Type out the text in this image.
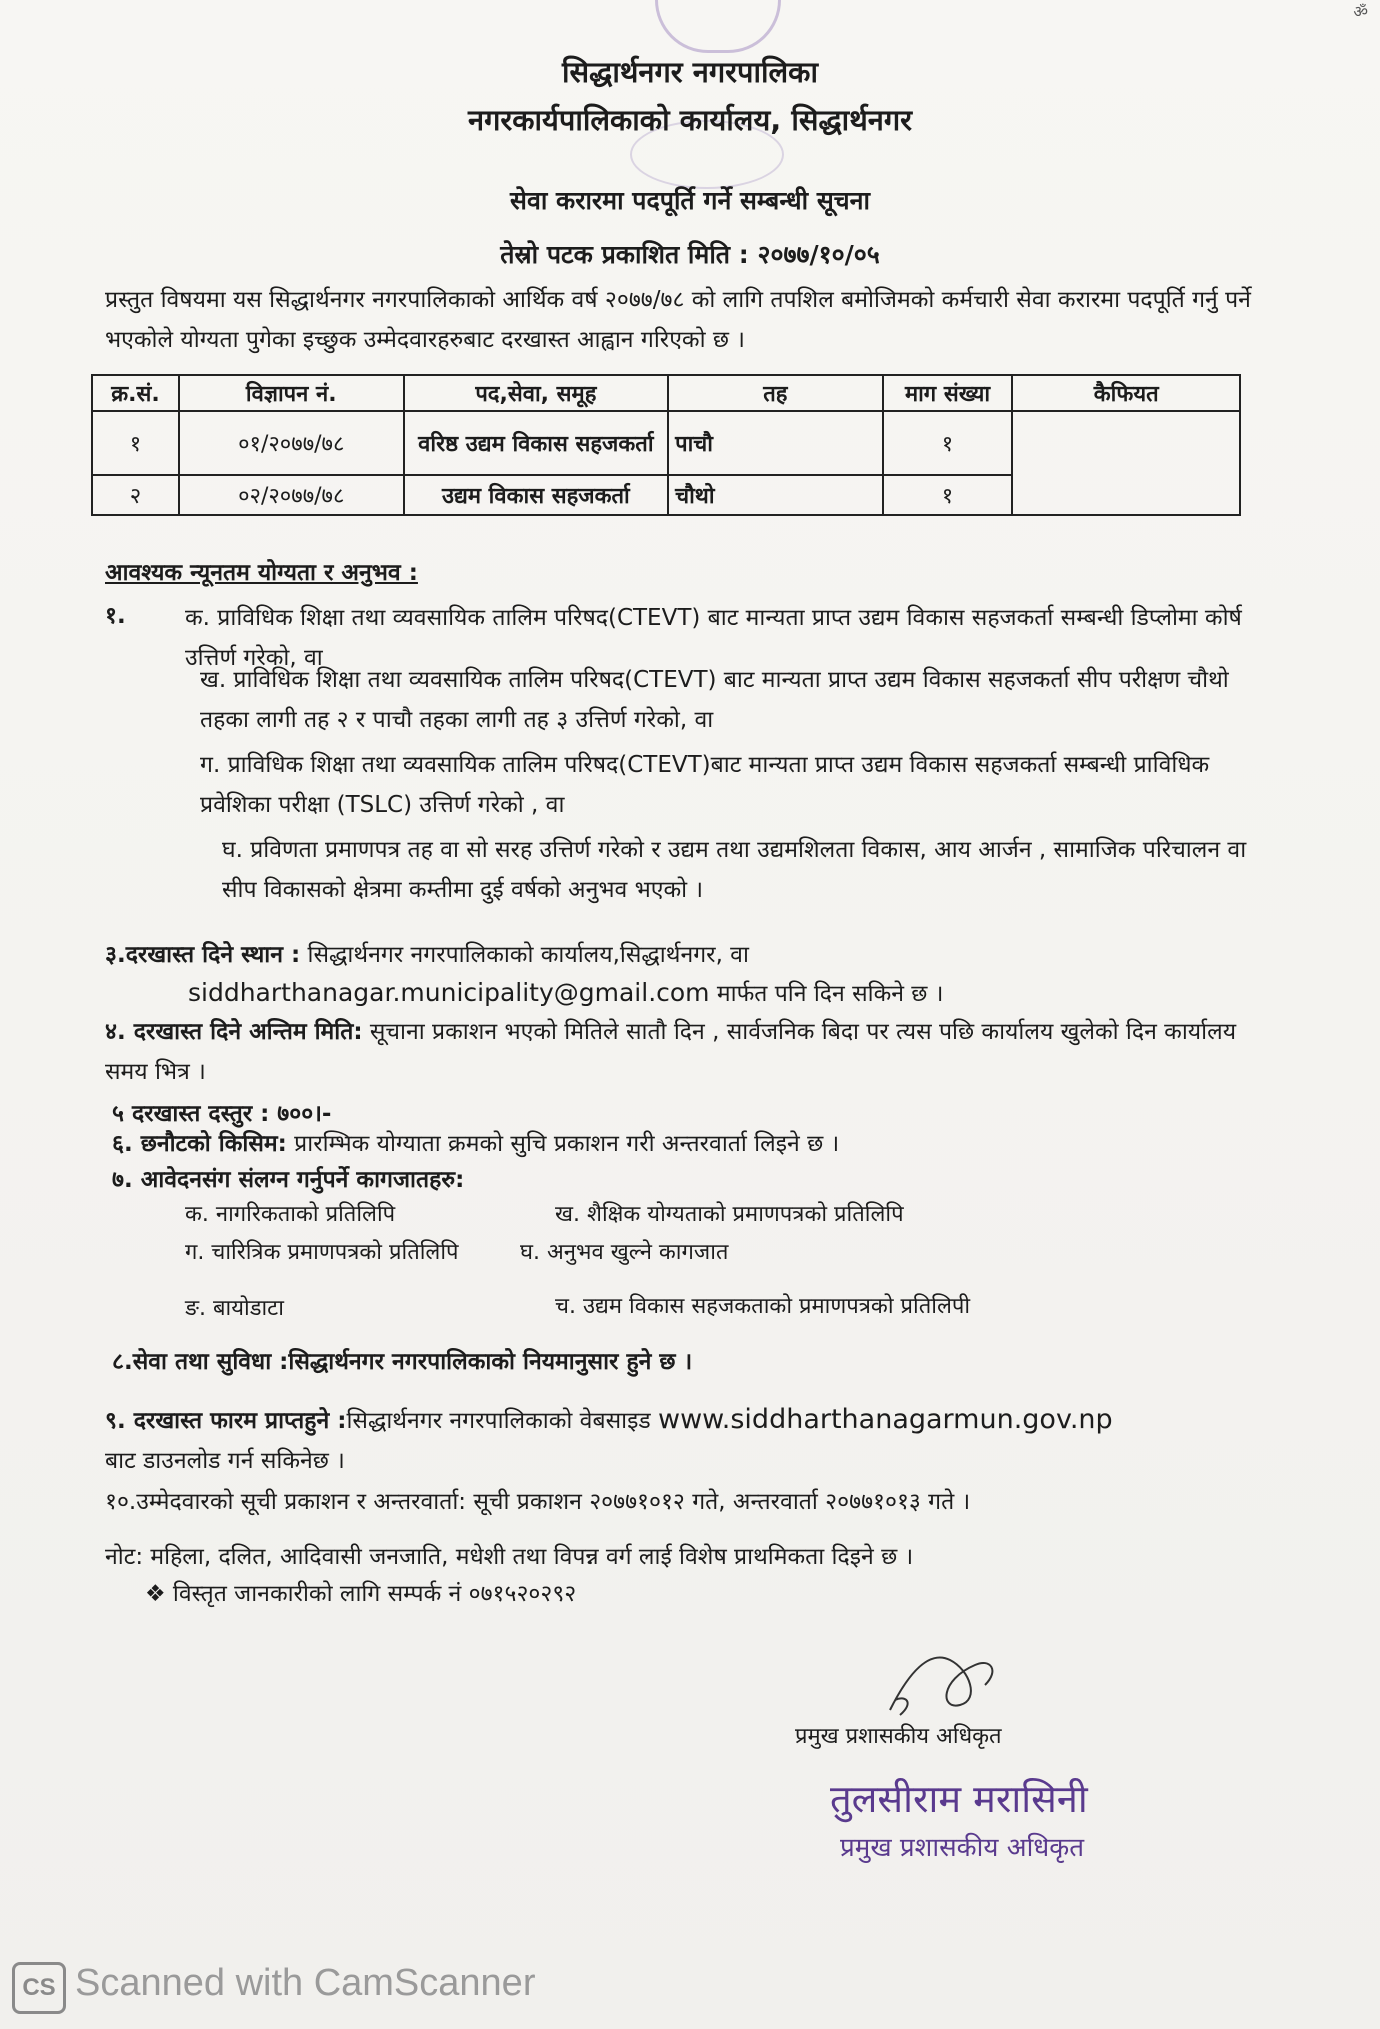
ॐ
सिद्धार्थनगर नगरपालिका
नगरकार्यपालिकाको कार्यालय, सिद्धार्थनगर
सेवा करारमा पदपूर्ति गर्ने सम्बन्धी सूचना
तेस्रो पटक प्रकाशित मिति : २०७७/१०/०५
प्रस्तुत विषयमा यस सिद्धार्थनगर नगरपालिकाको आर्थिक वर्ष २०७७/७८ को लागि तपशिल बमोजिमको कर्मचारी सेवा करारमा पदपूर्ति गर्नु पर्ने भएकोले योग्यता पुगेका इच्छुक उम्मेदवारहरुबाट दरखास्त आह्वान गरिएको छ ।
क्र.सं.	विज्ञापन नं.	पद,सेवा, समूह	तह	माग संख्या	कैफियत
१	०१/२०७७/७८	वरिष्ठ उद्यम विकास सहजकर्ता	पाचौ	१	
२	०२/२०७७/७८	उद्यम विकास सहजकर्ता	चौथो	१	
आवश्यक न्यूनतम योग्यता र अनुभव :
१.	क. प्राविधिक शिक्षा तथा व्यवसायिक तालिम परिषद(CTEVT) बाट मान्यता प्राप्त उद्यम विकास सहजकर्ता सम्बन्धी डिप्लोमा कोर्ष उत्तिर्ण गरेको, वा
ख. प्राविधिक शिक्षा तथा व्यवसायिक तालिम परिषद(CTEVT) बाट मान्यता प्राप्त उद्यम विकास सहजकर्ता सीप परीक्षण चौथो तहका लागी तह २ र पाचौ तहका लागी तह ३ उत्तिर्ण गरेको, वा
ग. प्राविधिक शिक्षा तथा व्यवसायिक तालिम परिषद(CTEVT)बाट मान्यता प्राप्त उद्यम विकास सहजकर्ता सम्बन्धी प्राविधिक प्रवेशिका परीक्षा (TSLC) उत्तिर्ण गरेको , वा
घ. प्रविणता प्रमाणपत्र तह वा सो सरह उत्तिर्ण गरेको र उद्यम तथा उद्यमशिलता विकास, आय आर्जन , सामाजिक परिचालन वा सीप विकासको क्षेत्रमा कम्तीमा दुई वर्षको अनुभव भएको ।
३.दरखास्त दिने स्थान : सिद्धार्थनगर नगरपालिकाको कार्यालय,सिद्धार्थनगर, वा
siddharthanagar.municipality@gmail.com मार्फत पनि दिन सकिने छ ।
४. दरखास्त दिने अन्तिम मिति: सूचाना प्रकाशन भएको मितिले सातौ दिन , सार्वजनिक बिदा पर त्यस पछि कार्यालय खुलेको दिन कार्यालय समय भित्र ।
५ दरखास्त दस्तुर : ७००।-
६. छनौटको किसिम: प्रारम्भिक योग्याता क्रमको सुचि प्रकाशन गरी अन्तरवार्ता लिइने छ ।
७. आवेदनसंग संलग्न गर्नुपर्ने कागजातहरु:
क. नागरिकताको प्रतिलिपि	ख. शैक्षिक योग्यताको प्रमाणपत्रको प्रतिलिपि
ग. चारित्रिक प्रमाणपत्रको प्रतिलिपि	घ. अनुभव खुल्ने कागजात
ङ. बायोडाटा	च. उद्यम विकास सहजकताको प्रमाणपत्रको प्रतिलिपी
८.सेवा तथा सुविधा :सिद्धार्थनगर नगरपालिकाको नियमानुसार हुने छ ।
९. दरखास्त फारम प्राप्तहुने :सिद्धार्थनगर नगरपालिकाको वेबसाइड www.siddharthanagarmun.gov.np
बाट डाउनलोड गर्न सकिनेछ ।
१०.उम्मेदवारको सूची प्रकाशन र अन्तरवार्ता: सूची प्रकाशन २०७७१०१२ गते, अन्तरवार्ता २०७७१०१३ गते ।
नोट: महिला, दलित, आदिवासी जनजाति, मधेशी तथा विपन्न वर्ग लाई विशेष प्राथमिकता दिइने छ ।
❖ विस्तृत जानकारीको लागि सम्पर्क नं ०७१५२०२९२
प्रमुख प्रशासकीय अधिकृत
तुलसीराम मरासिनी
प्रमुख प्रशासकीय अधिकृत
CS Scanned with CamScanner
